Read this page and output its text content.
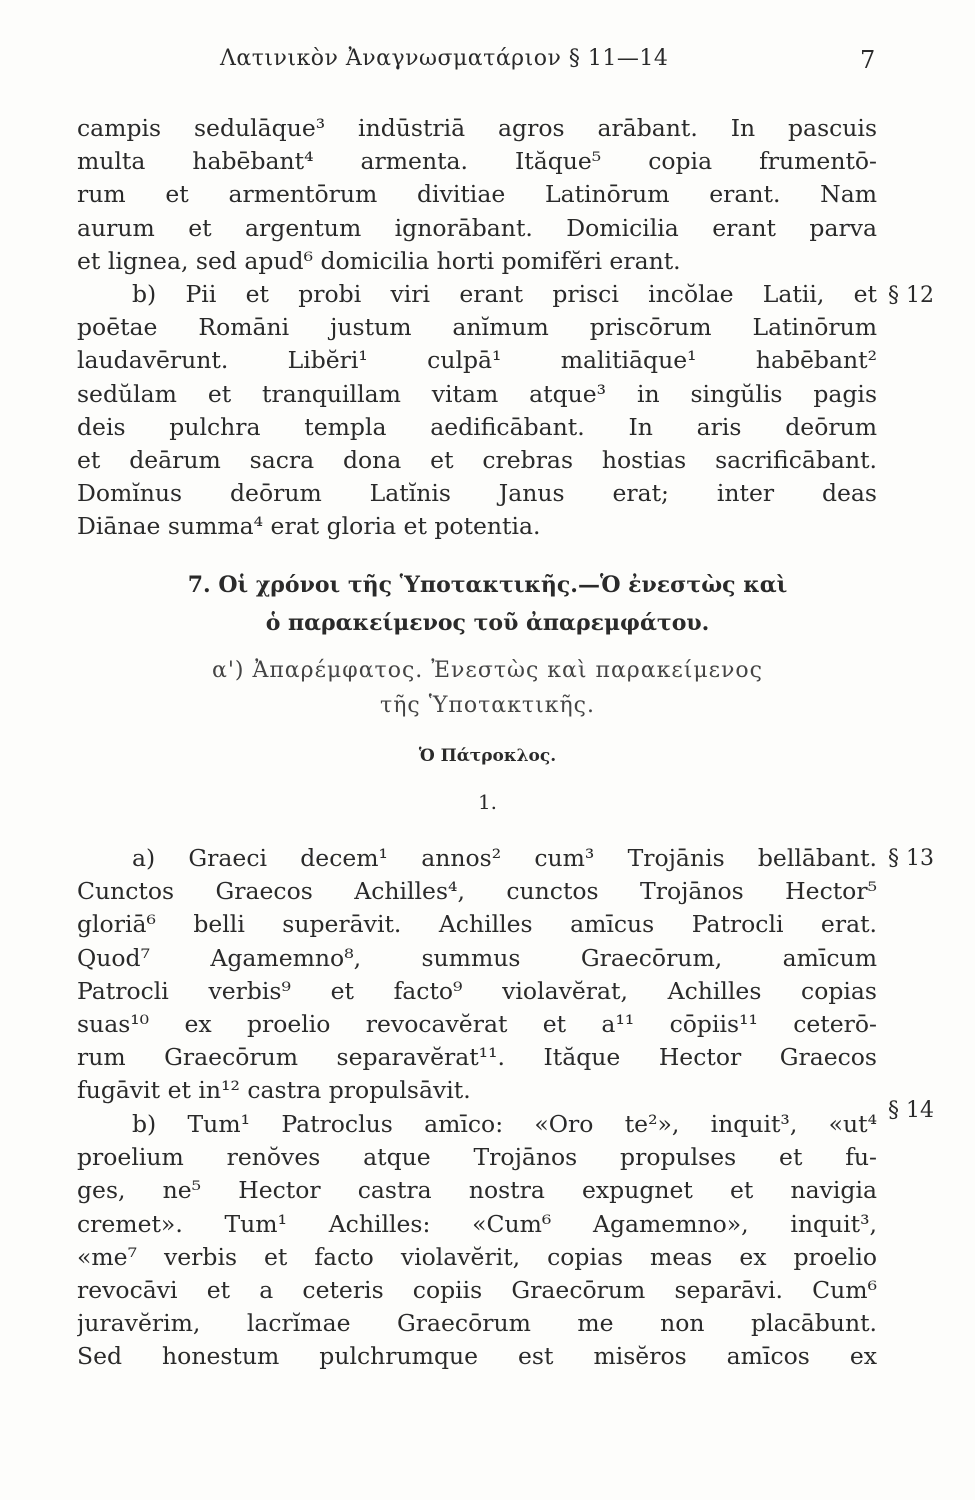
Λατινικὸν Ἀναγνωσματάριον § 11—14	7
campis sedulāque³ indūstriā agros arābant. In pascuis
multa habēbant⁴ armenta. Ităque⁵ copia frumentō-
rum et armentōrum divitiae Latinōrum erant. Nam
aurum et argentum ignorābant. Domicilia erant parva
et lignea, sed apud⁶ domicilia horti pomifĕri erant.
b) Pii et probi viri erant prisci incŏlae Latii, et
poētae Romāni justum anĭmum priscōrum Latinōrum
laudavērunt. Libĕri¹ culpā¹ malitiāque¹ habēbant²
sedŭlam et tranquillam vitam atque³ in singŭlis pagis
deis pulchra templa aedificābant. In aris deōrum
et deārum sacra dona et crebras hostias sacrificābant.
Domĭnus deōrum Latĭnis Janus erat; inter deas
Diānae summa⁴ erat gloria et potentia.
§ 12
7. Οἱ χρόνοι τῆς Ὑποτακτικῆς.—Ὁ ἐνεστὼς καὶ
ὁ παρακείμενος τοῦ ἀπαρεμφάτου.
α') Ἀπαρέμφατος. Ἐνεστὼς καὶ παρακείμενος
τῆς Ὑποτακτικῆς.
Ὁ Πάτροκλος.
1.
a) Graeci decem¹ annos² cum³ Trojānis bellābant.
Cunctos Graecos Achilles⁴, cunctos Trojānos Hector⁵
gloriā⁶ belli superāvit. Achilles amīcus Patrocli erat.
Quod⁷ Agamemno⁸, summus Graecōrum, amīcum
Patrocli verbis⁹ et facto⁹ violavĕrat, Achilles copias
suas¹⁰ ex proelio revocavĕrat et a¹¹ cōpiis¹¹ ceterō-
rum Graecōrum separavĕrat¹¹. Ităque Hector Graecos
fugāvit et in¹² castra propulsāvit.
§ 13
b) Tum¹ Patroclus amīco: «Oro te²», inquit³, «ut⁴
proelium renŏves atque Trojānos propulses et fu-
ges, ne⁵ Hector castra nostra expugnet et navigia
cremet». Tum¹ Achilles: «Cum⁶ Agamemno», inquit³,
«me⁷ verbis et facto violavĕrit, copias meas ex proelio
revocāvi et a ceteris copiis Graecōrum separāvi. Cum⁶
juravĕrim, lacrĭmae Graecōrum me non placābunt.
Sed honestum pulchrumque est misĕros amīcos ex
§ 14
